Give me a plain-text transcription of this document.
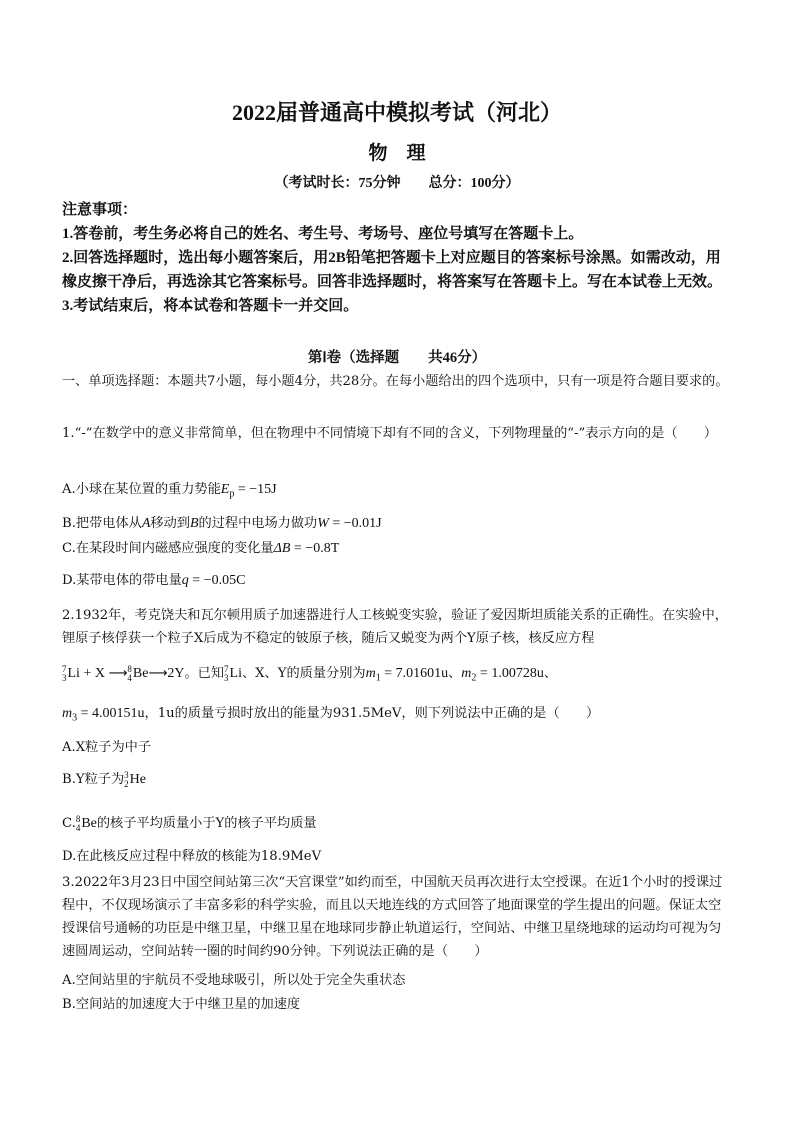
2022届普通高中模拟考试（河北）
物　理
（考试时长：75分钟　　总分：100分）

注意事项：

1.答卷前，考生务必将自己的姓名、考生号、考场号、座位号填写在答题卡上。

2.回答选择题时，选出每小题答案后，用2B铅笔把答题卡上对应题目的答案标号涂黑。如需改动，用橡皮擦干净后，再选涂其它答案标号。回答非选择题时，将答案写在答题卡上。写在本试卷上无效。

3.考试结束后，将本试卷和答题卡一并交回。

第Ⅰ卷（选择题　　共46分）
一、单项选择题：本题共7小题，每小题4分，共28分。在每小题给出的四个选项中，只有一项是符合题目要求的。
1.“-”在数学中的意义非常简单，但在物理中不同情境下却有不同的含义，下列物理量的“-”表示方向的是（　　）
A.小球在某位置的重力势能$E_p = -15J$
B.把带电体从A移动到B的过程中电场力做功W = −0.01J
C.在某段时间内磁感应强度的变化量ΔB = −0.8T
D.某带电体的带电量q = −0.05C
2.1932年，考克饶夫和瓦尔顿用质子加速器进行人工核蜕变实验，验证了爱因斯坦质能关系的正确性。在实验中，锂原子核俘获一个粒子X后成为不稳定的铍原子核，随后又蜕变为两个Y原子核，核反应方程
7
3 Li + X ⟶ 8
4 Be⟶2Y。已知 7
3 Li、X、Y的质量分别为$m_1 = 7.01601u$、$m_2 = 1.00728u$、
$m_3 = 4.00151u$，1u的质量亏损时放出的能量为931.5MeV，则下列说法中正确的是（　　）
A.X粒子为中子
B.Y粒子为 3
2 He
C. 8
4 Be的核子平均质量小于Y的核子平均质量
D.在此核反应过程中释放的核能为18.9MeV
3.2022年3月23日中国空间站第三次“天宫课堂”如约而至，中国航天员再次进行太空授课。在近1个小时的授课过程中，不仅现场演示了丰富多彩的科学实验，而且以天地连线的方式回答了地面课堂的学生提出的问题。保证太空授课信号通畅的功臣是中继卫星，中继卫星在地球同步静止轨道运行，空间站、中继卫星绕地球的运动均可视为匀速圆周运动，空间站转一圈的时间约90分钟。下列说法正确的是（　　）
A.空间站里的宇航员不受地球吸引，所以处于完全失重状态
B.空间站的加速度大于中继卫星的加速度
